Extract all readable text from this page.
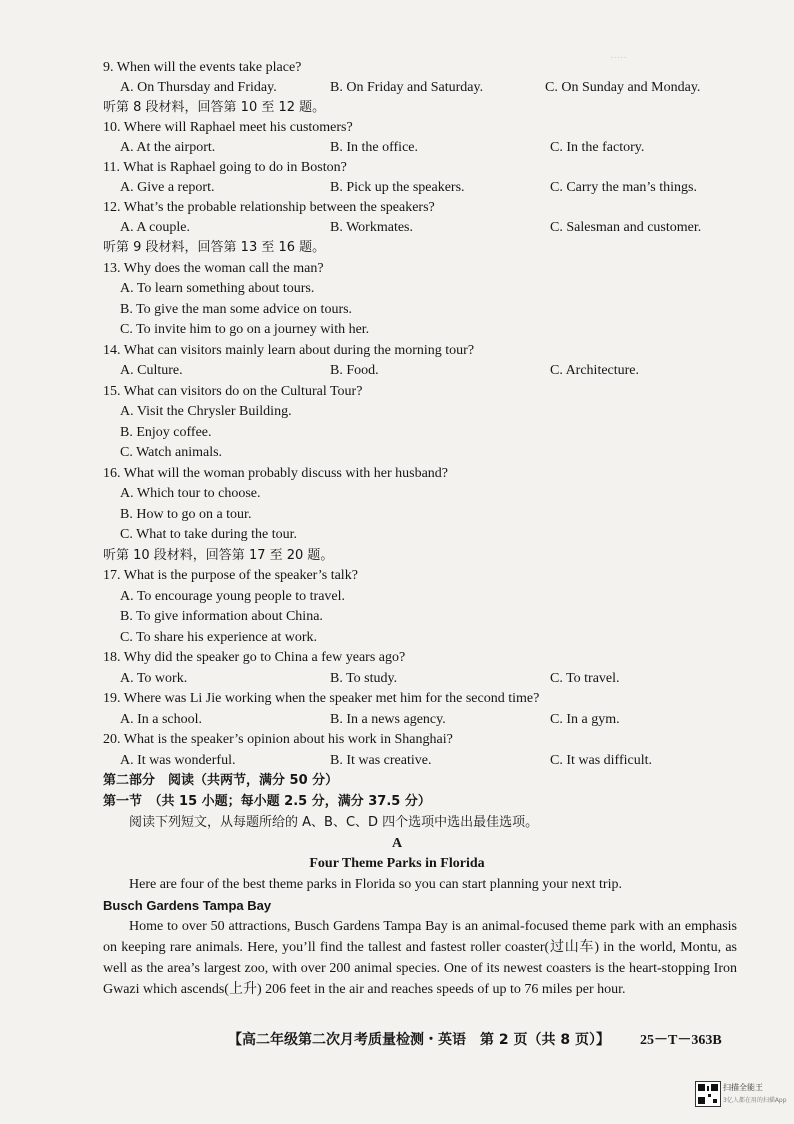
·····
9. When will the events take place?
A. On Thursday and Friday.	B. On Friday and Saturday.	C. On Sunday and Monday.
听第 8 段材料，回答第 10 至 12 题。
10. Where will Raphael meet his customers?
A. At the airport.	B. In the office.	C. In the factory.
11. What is Raphael going to do in Boston?
A. Give a report.	B. Pick up the speakers.	C. Carry the man’s things.
12. What’s the probable relationship between the speakers?
A. A couple.	B. Workmates.	C. Salesman and customer.
听第 9 段材料，回答第 13 至 16 题。
13. Why does the woman call the man?
A. To learn something about tours.
B. To give the man some advice on tours.
C. To invite him to go on a journey with her.
14. What can visitors mainly learn about during the morning tour?
A. Culture.	B. Food.	C. Architecture.
15. What can visitors do on the Cultural Tour?
A. Visit the Chrysler Building.
B. Enjoy coffee.
C. Watch animals.
16. What will the woman probably discuss with her husband?
A. Which tour to choose.
B. How to go on a tour.
C. What to take during the tour.
听第 10 段材料，回答第 17 至 20 题。
17. What is the purpose of the speaker’s talk?
A. To encourage young people to travel.
B. To give information about China.
C. To share his experience at work.
18. Why did the speaker go to China a few years ago?
A. To work.	B. To study.	C. To travel.
19. Where was Li Jie working when the speaker met him for the second time?
A. In a school.	B. In a news agency.	C. In a gym.
20. What is the speaker’s opinion about his work in Shanghai?
A. It was wonderful.	B. It was creative.	C. It was difficult.
第二部分　阅读（共两节，满分 50 分）
第一节　（共 15 小题；每小题 2.5 分，满分 37.5 分）
阅读下列短文，从每题所给的 A、B、C、D 四个选项中选出最佳选项。
A
Four Theme Parks in Florida
Here are four of the best theme parks in Florida so you can start planning your next trip.
Busch Gardens Tampa Bay
Home to over 50 attractions, Busch Gardens Tampa Bay is an animal-focused theme park with an emphasis on keeping rare animals. Here, you’ll find the tallest and fastest roller coaster(过山车) in the world, Montu, as well as the area’s largest zoo, with over 200 animal species. One of its newest coasters is the heart-stopping Iron Gwazi which ascends(上升) 206 feet in the air and reaches speeds of up to 76 miles per hour.
【高二年级第二次月考质量检测・英语　第 2 页（共 8 页）】 25－T－363B
扫描全能王
3亿人都在用的扫描App
